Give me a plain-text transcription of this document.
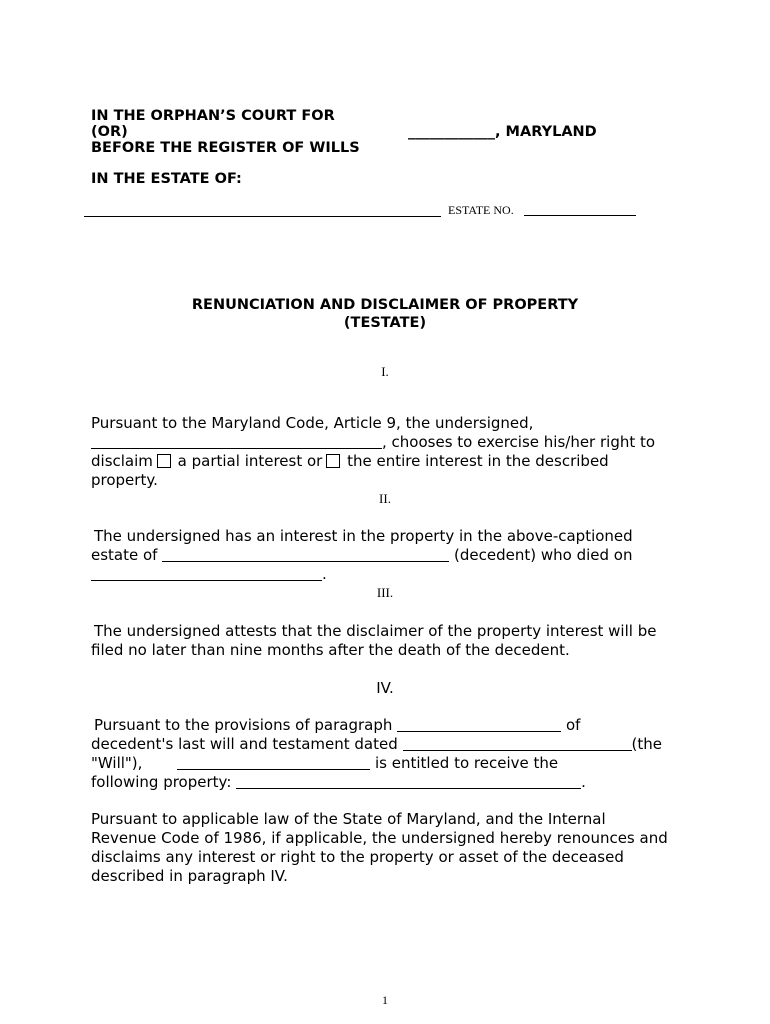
IN THE ORPHAN’S COURT FOR
(OR)
BEFORE THE REGISTER OF WILLS
____________, MARYLAND
IN THE ESTATE OF:
ESTATE NO.
RENUNCIATION AND DISCLAIMER OF PROPERTY
(TESTATE)
I.
Pursuant to the Maryland Code, Article 9, the undersigned,
, chooses to exercise his/her right to
disclaim a partial interest or the entire interest in the described
property.
II.
The undersigned has an interest in the property in the above-captioned
estate of	(decedent) who died on
.
III.
The undersigned attests that the disclaimer of the property interest will be
filed no later than nine months after the death of the decedent.
IV.
Pursuant to the provisions of paragraph	of
decedent's last will and testament dated	(the
"Will"),	is entitled to receive the
following property:	.
Pursuant to applicable law of the State of Maryland, and the Internal
Revenue Code of 1986, if applicable, the undersigned hereby renounces and
disclaims any interest or right to the property or asset of the deceased
described in paragraph IV.
1
